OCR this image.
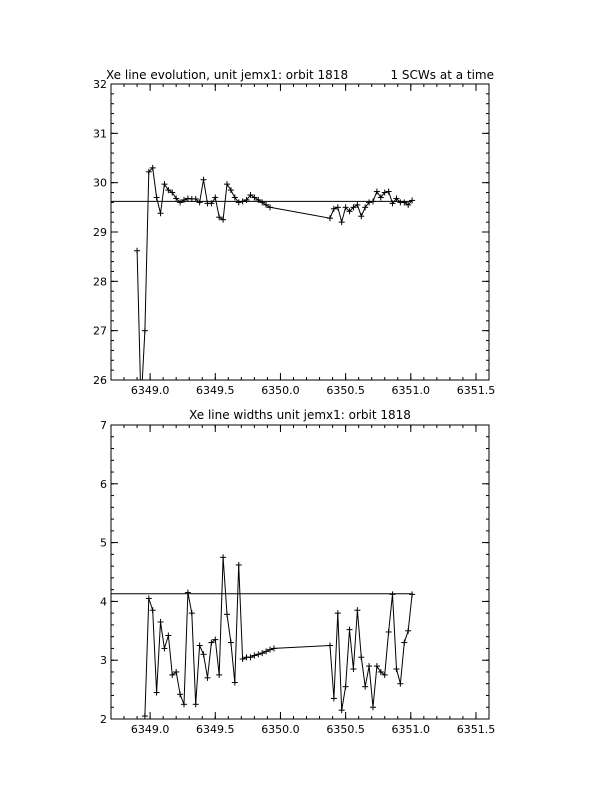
Xe line evolution, unit jemx1: orbit 1818	1 SCWs at a time
6349.0 6349.5 6350.0 6350.5 6351.0 6351.5
26
27
28
29
30
31
32
Xe line widths unit jemx1: orbit 1818
6349.0 6349.5 6350.0 6350.5 6351.0 6351.5
2
3
4
5
6
7
